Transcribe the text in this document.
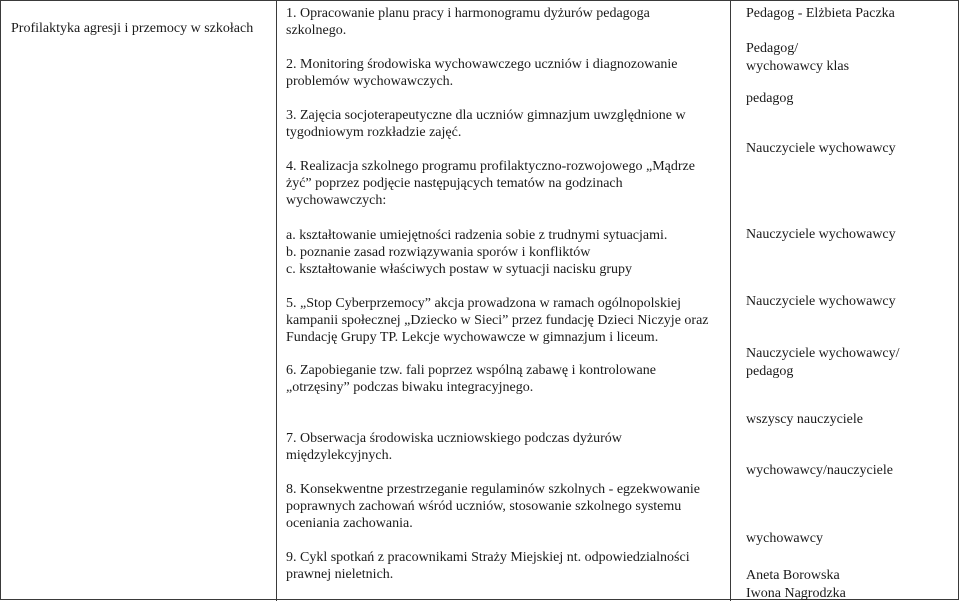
Profilaktyka agresji i przemocy w szkołach
1. Opracowanie planu pracy i harmonogramu dyżurów pedagoga
szkolnego.
2. Monitoring środowiska wychowawczego uczniów i diagnozowanie
problemów wychowawczych.
3. Zajęcia socjoterapeutyczne dla uczniów gimnazjum uwzględnione w
tygodniowym rozkładzie zajęć.
4. Realizacja szkolnego programu profilaktyczno-rozwojowego „Mądrze
żyć” poprzez podjęcie następujących tematów na godzinach
wychowawczych:
a. kształtowanie umiejętności radzenia sobie z trudnymi sytuacjami.
b. poznanie zasad rozwiązywania sporów i konfliktów
c. kształtowanie właściwych postaw w sytuacji nacisku grupy
5. „Stop Cyberprzemocy” akcja prowadzona w ramach ogólnopolskiej
kampanii społecznej „Dziecko w Sieci” przez fundację Dzieci Niczyje oraz
Fundację Grupy TP. Lekcje wychowawcze w gimnazjum i liceum.
6. Zapobieganie tzw. fali poprzez wspólną zabawę i kontrolowane
„otrzęsiny” podczas biwaku integracyjnego.
7. Obserwacja środowiska uczniowskiego podczas dyżurów
międzylekcyjnych.
8. Konsekwentne przestrzeganie regulaminów szkolnych - egzekwowanie
poprawnych zachowań wśród uczniów, stosowanie szkolnego systemu
oceniania zachowania.
9. Cykl spotkań z pracownikami Straży Miejskiej nt. odpowiedzialności
prawnej nieletnich.
Pedagog - Elżbieta Paczka
Pedagog/
wychowawcy klas
pedagog
Nauczyciele wychowawcy
Nauczyciele wychowawcy
Nauczyciele wychowawcy
Nauczyciele wychowawcy/
pedagog
wszyscy nauczyciele
wychowawcy/nauczyciele
wychowawcy
Aneta Borowska
Iwona Nagrodzka
